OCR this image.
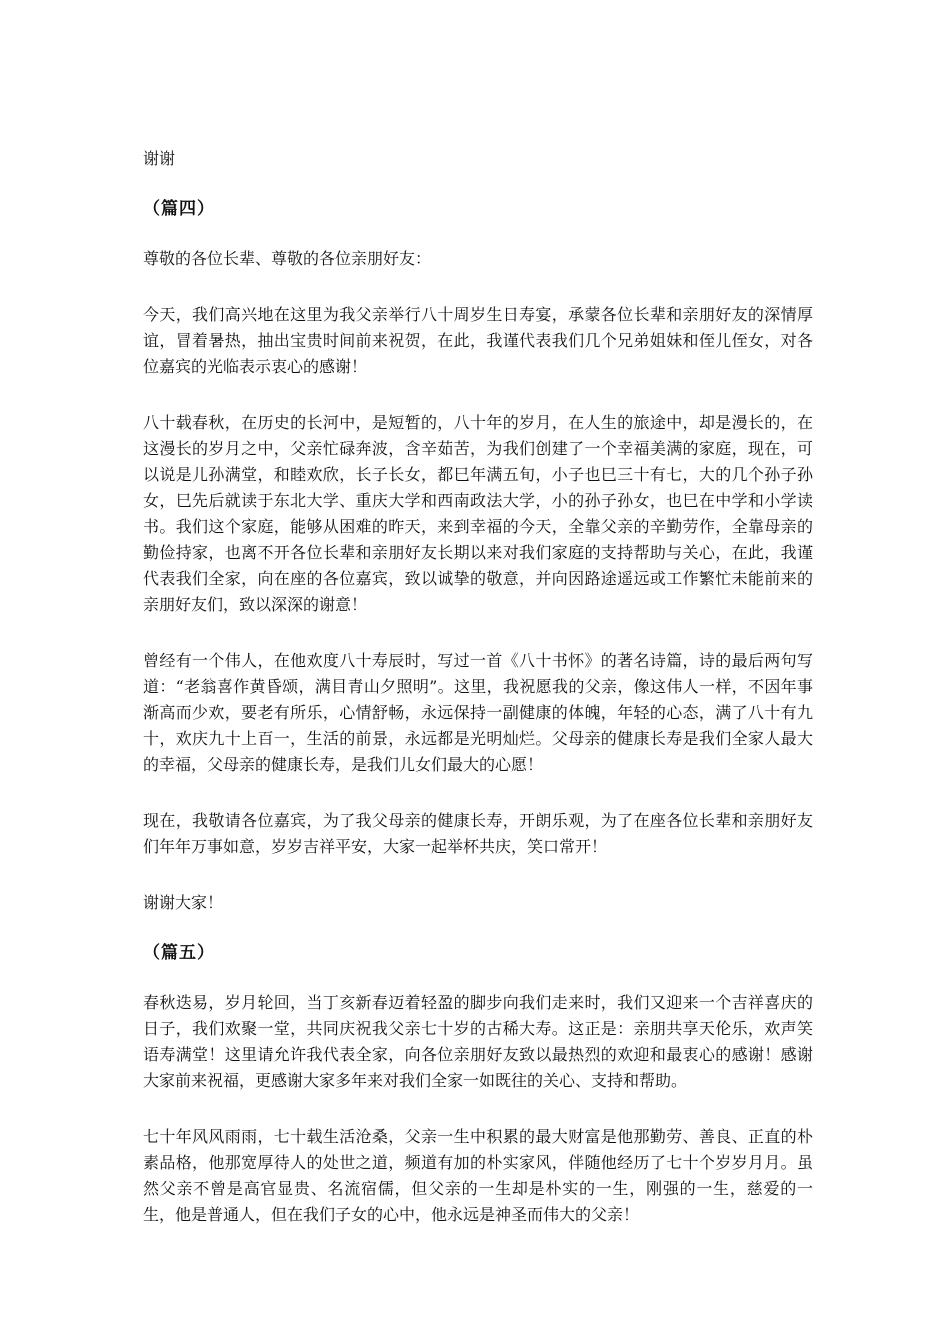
谢谢

（篇四）

尊敬的各位长辈、尊敬的各位亲朋好友：

今天，我们高兴地在这里为我父亲举行八十周岁生日寿宴，承蒙各位长辈和亲朋好友的深情厚谊，冒着暑热，抽出宝贵时间前来祝贺，在此，我谨代表我们几个兄弟姐妹和侄儿侄女，对各位嘉宾的光临表示衷心的感谢！

八十载春秋，在历史的长河中，是短暂的，八十年的岁月，在人生的旅途中，却是漫长的，在这漫长的岁月之中，父亲忙碌奔波，含辛茹苦，为我们创建了一个幸福美满的家庭，现在，可以说是儿孙满堂，和睦欢欣，长子长女，都巳年满五旬，小子也巳三十有七，大的几个孙子孙女，巳先后就读于东北大学、重庆大学和西南政法大学，小的孙子孙女，也巳在中学和小学读书。我们这个家庭，能够从困难的昨天，来到幸福的今天，全靠父亲的辛勤劳作，全靠母亲的勤俭持家，也离不开各位长辈和亲朋好友长期以来对我们家庭的支持帮助与关心，在此，我谨代表我们全家，向在座的各位嘉宾，致以诚挚的敬意，并向因路途遥远或工作繁忙未能前来的亲朋好友们，致以深深的谢意！

曾经有一个伟人，在他欢度八十寿辰时，写过一首《八十书怀》的著名诗篇，诗的最后两句写道：“老翁喜作黄昏颂，满目青山夕照明”。这里，我祝愿我的父亲，像这伟人一样，不因年事渐高而少欢，要老有所乐，心情舒畅，永远保持一副健康的体魄，年轻的心态，满了八十有九十，欢庆九十上百一，生活的前景，永远都是光明灿烂。父母亲的健康长寿是我们全家人最大的幸福，父母亲的健康长寿，是我们儿女们最大的心愿！

现在，我敬请各位嘉宾，为了我父母亲的健康长寿，开朗乐观，为了在座各位长辈和亲朋好友们年年万事如意，岁岁吉祥平安，大家一起举杯共庆，笑口常开！

谢谢大家！

（篇五）

春秋迭易，岁月轮回，当丁亥新春迈着轻盈的脚步向我们走来时，我们又迎来一个吉祥喜庆的日子，我们欢聚一堂，共同庆祝我父亲七十岁的古稀大寿。这正是：亲朋共享天伦乐，欢声笑语寿满堂！这里请允许我代表全家，向各位亲朋好友致以最热烈的欢迎和最衷心的感谢！感谢大家前来祝福，更感谢大家多年来对我们全家一如既往的关心、支持和帮助。

七十年风风雨雨，七十载生活沧桑，父亲一生中积累的最大财富是他那勤劳、善良、正直的朴素品格，他那宽厚待人的处世之道，频道有加的朴实家风，伴随他经历了七十个岁岁月月。虽然父亲不曾是高官显贵、名流宿儒，但父亲的一生却是朴实的一生，刚强的一生，慈爱的一生，他是普通人，但在我们子女的心中，他永远是神圣而伟大的父亲！
